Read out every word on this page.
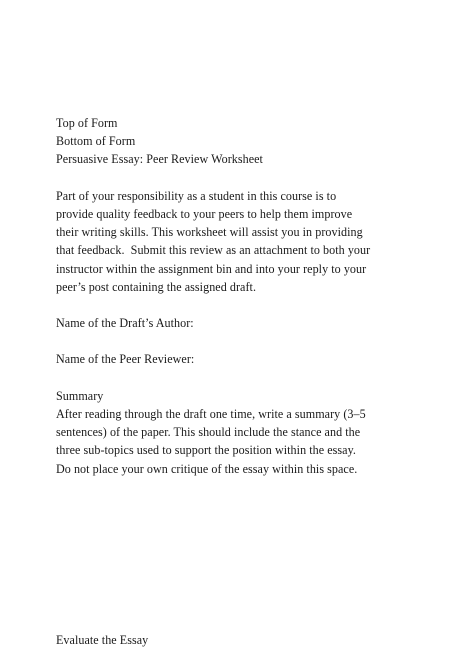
Top of Form
Bottom of Form
Persuasive Essay: Peer Review Worksheet
Part of your responsibility as a student in this course is to
provide quality feedback to your peers to help them improve
their writing skills. This worksheet will assist you in providing
that feedback.  Submit this review as an attachment to both your
instructor within the assignment bin and into your reply to your
peer’s post containing the assigned draft.
Name of the Draft’s Author:
Name of the Peer Reviewer:
Summary
After reading through the draft one time, write a summary (3–5
sentences) of the paper. This should include the stance and the
three sub-topics used to support the position within the essay.
Do not place your own critique of the essay within this space.
Evaluate the Essay
